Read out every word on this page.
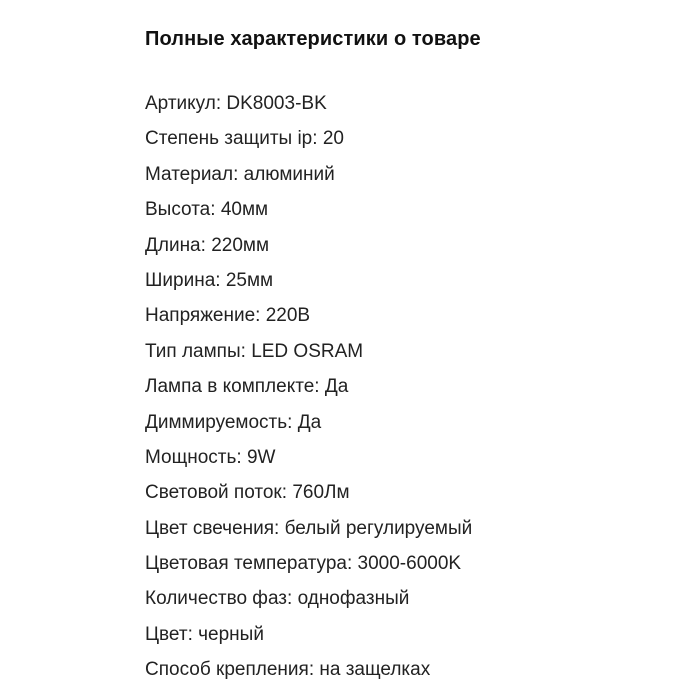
Полные характеристики о товаре
Артикул: DK8003-BK
Степень защиты ip: 20
Материал: алюминий
Высота: 40мм
Длина: 220мм
Ширина: 25мм
Напряжение: 220В
Тип лампы: LED OSRAM
Лампа в комплекте: Да
Диммируемость: Да
Мощность: 9W
Световой поток: 760Лм
Цвет свечения: белый регулируемый
Цветовая температура: 3000-6000K
Количество фаз: однофазный
Цвет: черный
Способ крепления: на защелках
